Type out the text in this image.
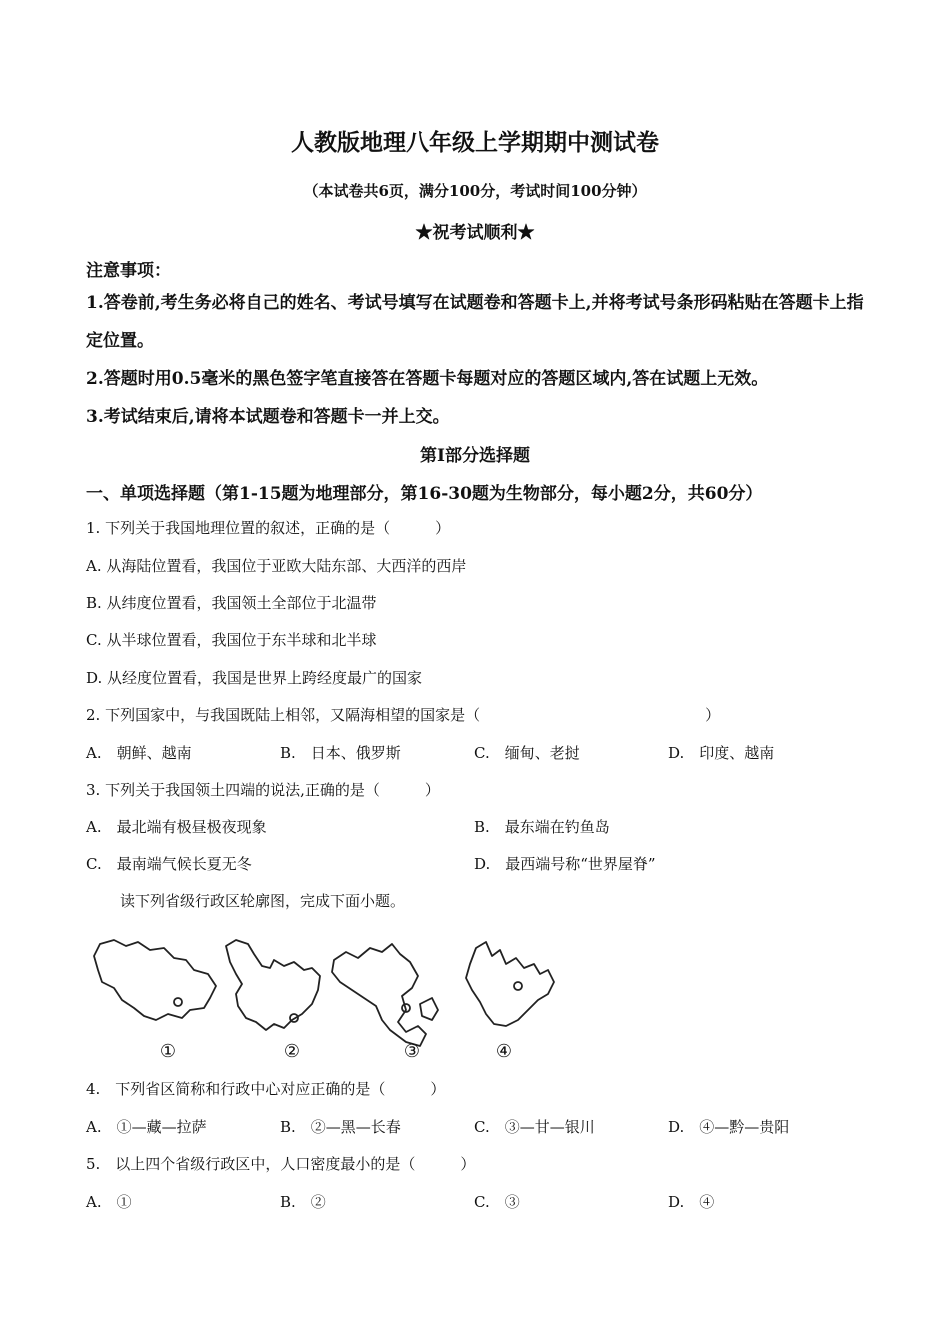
人教版地理八年级上学期期中测试卷
（本试卷共6页，满分100分，考试时间100分钟）
★祝考试顺利★
注意事项：
1.答卷前,考生务必将自己的姓名、考试号填写在试题卷和答题卡上,并将考试号条形码粘贴在答题卡上指定位置。
2.答题时用0.5毫米的黑色签字笔直接答在答题卡每题对应的答题区域内,答在试题上无效。
3.考试结束后,请将本试题卷和答题卡一并上交。
第Ⅰ部分选择题
一、单项选择题（第1-15题为地理部分，第16-30题为生物部分，每小题2分，共60分）
1. 下列关于我国地理位置的叙述，正确的是（　　　）
A. 从海陆位置看，我国位于亚欧大陆东部、大西洋的西岸
B. 从纬度位置看，我国领土全部位于北温带
C. 从半球位置看，我国位于东半球和北半球
D. 从经度位置看，我国是世界上跨经度最广的国家
2. 下列国家中，与我国既陆上相邻，又隔海相望的国家是（　　　　　　　　　　　　　　　）
A.　朝鲜、越南	B.　日本、俄罗斯	C.　缅甸、老挝	D.　印度、越南
3. 下列关于我国领土四端的说法,正确的是（　　　）
A.　最北端有极昼极夜现象	B.　最东端在钓鱼岛
C.　最南端气候长夏无冬	D.　最西端号称“世界屋脊”
读下列省级行政区轮廓图，完成下面小题。
①	②	③	④
4.　下列省区简称和行政中心对应正确的是（　　　）
A.　①—藏—拉萨	B.　②—黑—长春	C.　③—甘—银川	D.　④—黔—贵阳
5.　以上四个省级行政区中，人口密度最小的是（　　　）
A.　①	B.　②	C.　③	D.　④
